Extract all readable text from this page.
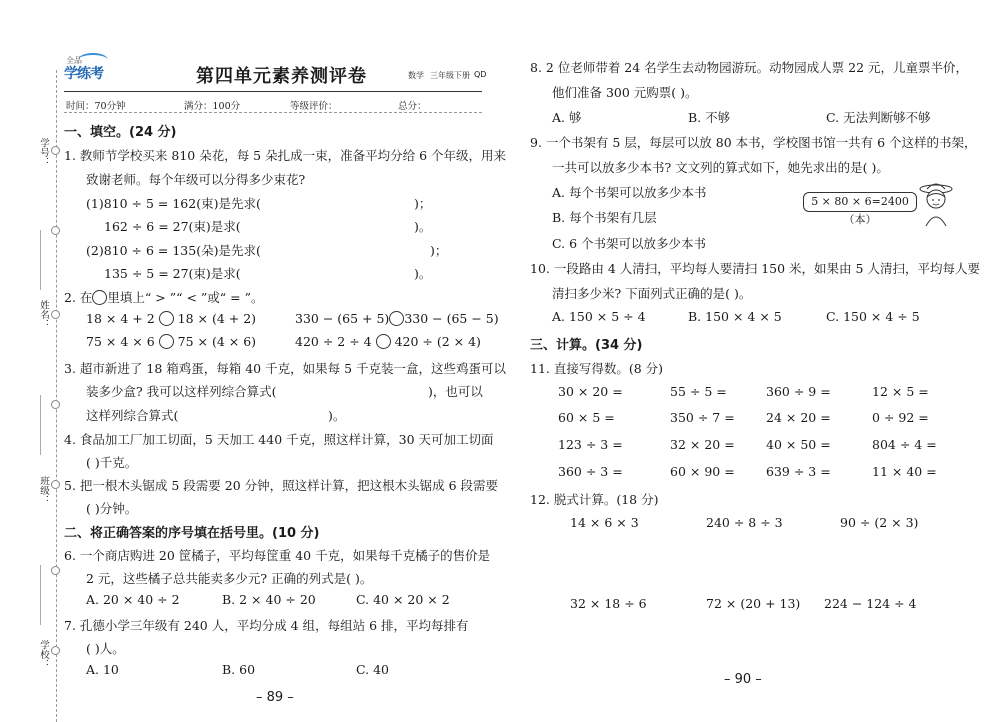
学号：
姓名：
班级：
学校：
全品
学练考	第四单元素养测评卷	数学 三年级下册 QD
时间：70分钟	满分：100分	等级评价：	总分：
一、填空。(24 分)
1. 教师节学校买来 810 朵花，每 5 朵扎成一束，准备平均分给 6 个年级，用来
致谢老师。每个年级可以分得多少束花?
(1)810 ÷ 5 = 162(束)是先求(	)；
162 ÷ 6 = 27(束)是求(	)。
(2)810 ÷ 6 = 135(朵)是先求(	)；
135 ÷ 5 = 27(束)是求(	)。
2. 在 里填上“ > ”“ < ”或“ = ”。
18 × 4 + 2 18 × (4 + 2)	330 − (65 + 5) 330 − (65 − 5)
75 × 4 × 6 75 × (4 × 6)	420 ÷ 2 ÷ 4 420 ÷ (2 × 4)
3. 超市新进了 18 箱鸡蛋，每箱 40 千克，如果每 5 千克装一盒，这些鸡蛋可以
装多少盒? 我可以这样列综合算式(	)，也可以
这样列综合算式(	)。
4. 食品加工厂加工切面，5 天加工 440 千克，照这样计算，30 天可加工切面
( )千克。
5. 把一根木头锯成 5 段需要 20 分钟，照这样计算，把这根木头锯成 6 段需要
( )分钟。
二、将正确答案的序号填在括号里。(10 分)
6. 一个商店购进 20 筐橘子，平均每筐重 40 千克，如果每千克橘子的售价是
2 元，这些橘子总共能卖多少元? 正确的列式是( )。
A. 20 × 40 ÷ 2	B. 2 × 40 ÷ 20	C. 40 × 20 × 2
7. 孔德小学三年级有 240 人，平均分成 4 组，每组站 6 排，平均每排有
( )人。
A. 10	B. 60	C. 40
– 89 –
8. 2 位老师带着 24 名学生去动物园游玩。动物园成人票 22 元，儿童票半价，
他们准备 300 元购票( )。
A. 够	B. 不够	C. 无法判断够不够
9. 一个书架有 5 层，每层可以放 80 本书，学校图书馆一共有 6 个这样的书架，
一共可以放多少本书? 文文列的算式如下，她先求出的是( )。
A. 每个书架可以放多少本书
B. 每个书架有几层
C. 6 个书架可以放多少本书
5 × 80 × 6=2400（本）
10. 一段路由 4 人清扫，平均每人要清扫 150 米，如果由 5 人清扫，平均每人要
清扫多少米? 下面列式正确的是( )。
A. 150 × 5 ÷ 4	B. 150 × 4 × 5	C. 150 × 4 ÷ 5
三、计算。(34 分)
11. 直接写得数。(8 分)
30 × 20 =	55 ÷ 5 =	360 ÷ 9 =	12 × 5 =
60 × 5 =	350 ÷ 7 =	24 × 20 =	0 ÷ 92 =
123 ÷ 3 =	32 × 20 =	40 × 50 =	804 ÷ 4 =
360 ÷ 3 =	60 × 90 =	639 ÷ 3 =	11 × 40 =
12. 脱式计算。(18 分)
14 × 6 × 3	240 ÷ 8 ÷ 3	90 ÷ (2 × 3)
32 × 18 ÷ 6	72 × (20 + 13) 224 − 124 ÷ 4
– 90 –
